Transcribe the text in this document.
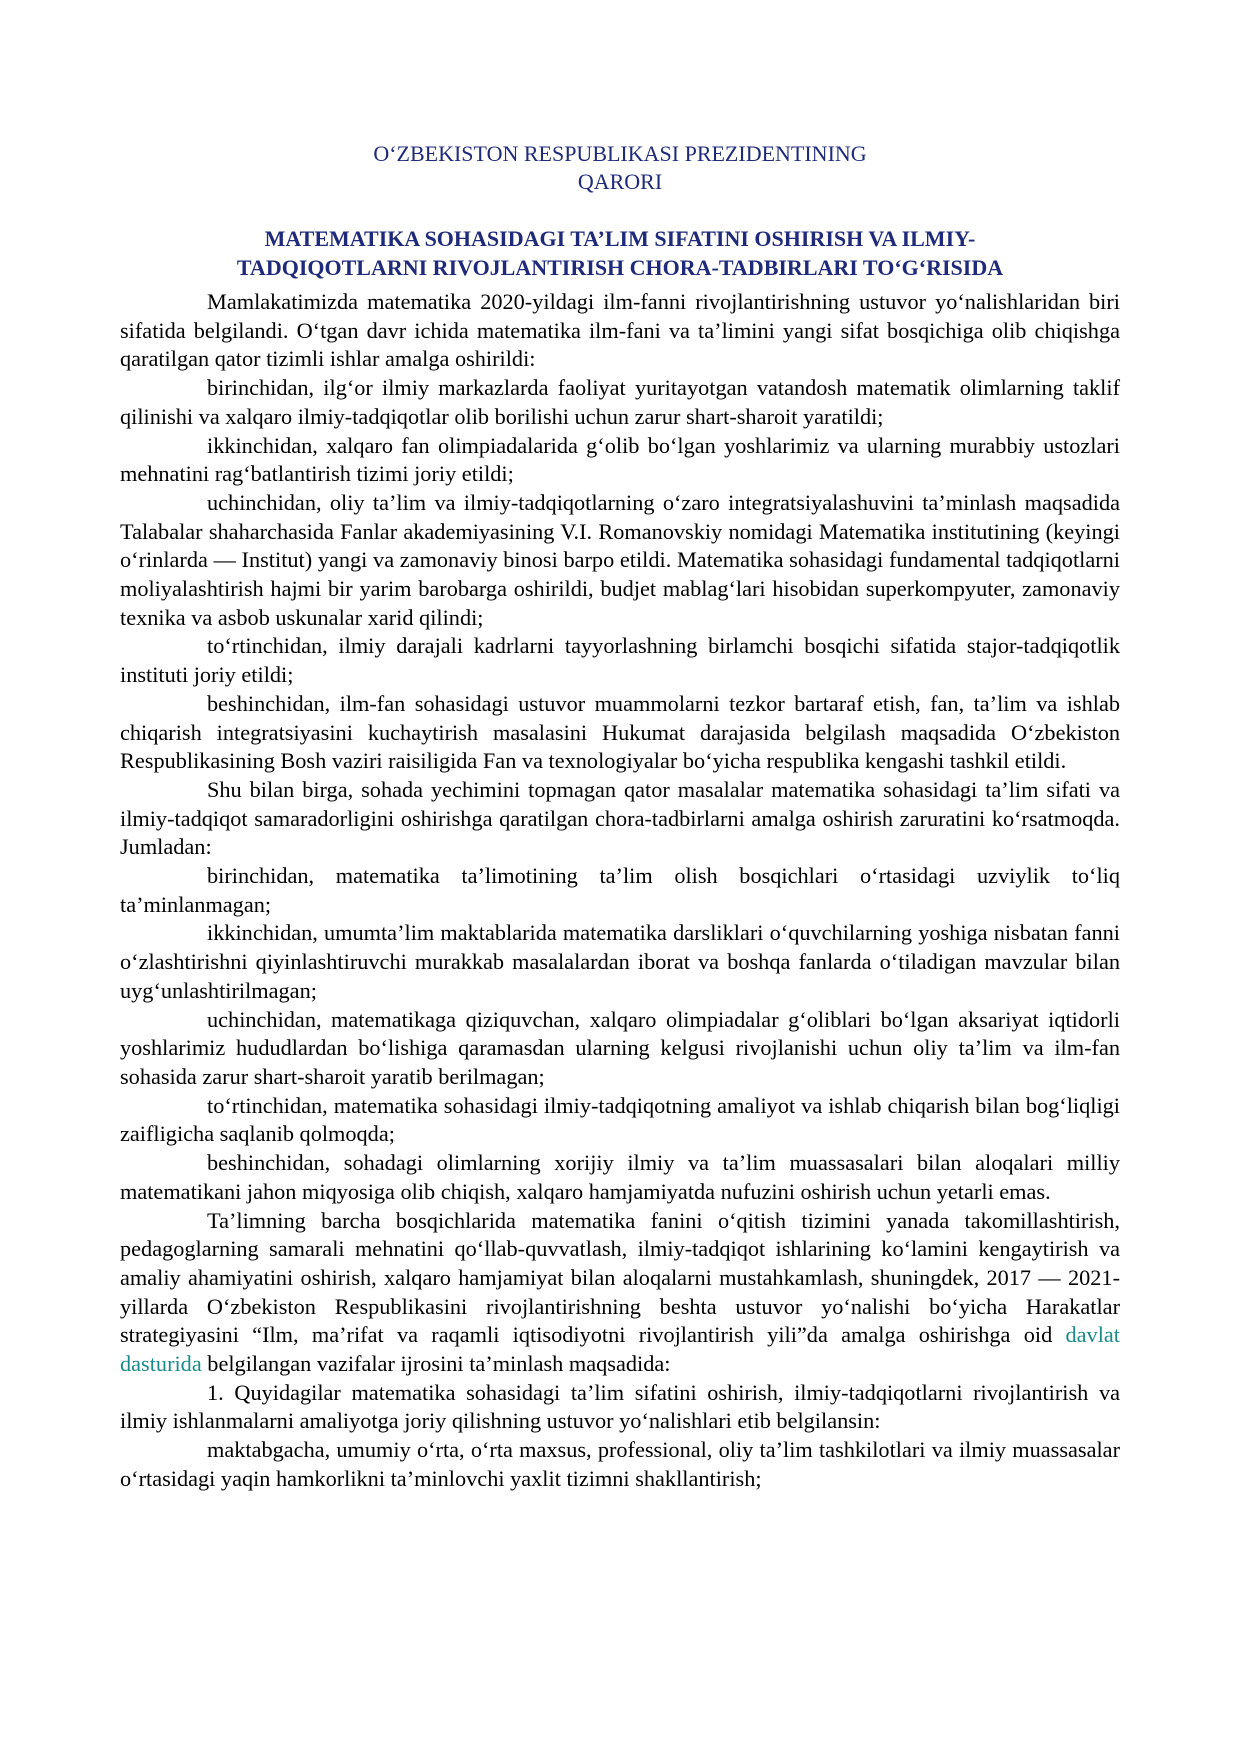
O‘ZBEKISTON RESPUBLIKASI PREZIDENTINING

QARORI

MATEMATIKA SOHASIDAGI TA’LIM SIFATINI OSHIRISH VA ILMIY-
TADQIQOTLARNI RIVOJLANTIRISH CHORA-TADBIRLARI TO‘G‘RISIDA

Mamlakatimizda matematika 2020-yildagi ilm-fanni rivojlantirishning ustuvor yo‘nalishlaridan biri sifatida belgilandi. O‘tgan davr ichida matematika ilm-fani va ta’limini yangi sifat bosqichiga olib chiqishga qaratilgan qator tizimli ishlar amalga oshirildi:

birinchidan, ilg‘or ilmiy markazlarda faoliyat yuritayotgan vatandosh matematik olimlarning taklif qilinishi va xalqaro ilmiy-tadqiqotlar olib borilishi uchun zarur shart-sharoit yaratildi;

ikkinchidan, xalqaro fan olimpiadalarida g‘olib bo‘lgan yoshlarimiz va ularning murabbiy ustozlari mehnatini rag‘batlantirish tizimi joriy etildi;

uchinchidan, oliy ta’lim va ilmiy-tadqiqotlarning o‘zaro integratsiyalashuvini ta’minlash maqsadida Talabalar shaharchasida Fanlar akademiyasining V.I. Romanovskiy nomidagi Matematika institutining (keyingi o‘rinlarda — Institut) yangi va zamonaviy binosi barpo etildi. Matematika sohasidagi fundamental tadqiqotlarni moliyalashtirish hajmi bir yarim barobarga oshirildi, budjet mablag‘lari hisobidan superkompyuter, zamonaviy texnika va asbob uskunalar xarid qilindi;

to‘rtinchidan, ilmiy darajali kadrlarni tayyorlashning birlamchi bosqichi sifatida stajor-tadqiqotlik instituti joriy etildi;

beshinchidan, ilm-fan sohasidagi ustuvor muammolarni tezkor bartaraf etish, fan, ta’lim va ishlab chiqarish integratsiyasini kuchaytirish masalasini Hukumat darajasida belgilash maqsadida O‘zbekiston Respublikasining Bosh vaziri raisiligida Fan va texnologiyalar bo‘yicha respublika kengashi tashkil etildi.

Shu bilan birga, sohada yechimini topmagan qator masalalar matematika sohasidagi ta’lim sifati va ilmiy-tadqiqot samaradorligini oshirishga qaratilgan chora-tadbirlarni amalga oshirish zaruratini ko‘rsatmoqda. Jumladan:

birinchidan, matematika ta’limotining ta’lim olish bosqichlari o‘rtasidagi uzviylik to‘liq ta’minlanmagan;

ikkinchidan, umumta’lim maktablarida matematika darsliklari o‘quvchilarning yoshiga nisbatan fanni o‘zlashtirishni qiyinlashtiruvchi murakkab masalalardan iborat va boshqa fanlarda o‘tiladigan mavzular bilan uyg‘unlashtirilmagan;

uchinchidan, matematikaga qiziquvchan, xalqaro olimpiadalar g‘oliblari bo‘lgan aksariyat iqtidorli yoshlarimiz hududlardan bo‘lishiga qaramasdan ularning kelgusi rivojlanishi uchun oliy ta’lim va ilm-fan sohasida zarur shart-sharoit yaratib berilmagan;

to‘rtinchidan, matematika sohasidagi ilmiy-tadqiqotning amaliyot va ishlab chiqarish bilan bog‘liqligi zaifligicha saqlanib qolmoqda;

beshinchidan, sohadagi olimlarning xorijiy ilmiy va ta’lim muassasalari bilan aloqalari milliy matematikani jahon miqyosiga olib chiqish, xalqaro hamjamiyatda nufuzini oshirish uchun yetarli emas.

Ta’limning barcha bosqichlarida matematika fanini o‘qitish tizimini yanada takomillashtirish, pedagoglarning samarali mehnatini qo‘llab-quvvatlash, ilmiy-tadqiqot ishlarining ko‘lamini kengaytirish va amaliy ahamiyatini oshirish, xalqaro hamjamiyat bilan aloqalarni mustahkamlash, shuningdek, 2017 — 2021-yillarda O‘zbekiston Respublikasini rivojlantirishning beshta ustuvor yo‘nalishi bo‘yicha Harakatlar strategiyasini “Ilm, ma’rifat va raqamli iqtisodiyotni rivojlantirish yili”da amalga oshirishga oid davlat dasturida belgilangan vazifalar ijrosini ta’minlash maqsadida:

1. Quyidagilar matematika sohasidagi ta’lim sifatini oshirish, ilmiy-tadqiqotlarni rivojlantirish va ilmiy ishlanmalarni amaliyotga joriy qilishning ustuvor yo‘nalishlari etib belgilansin:

maktabgacha, umumiy o‘rta, o‘rta maxsus, professional, oliy ta’lim tashkilotlari va ilmiy muassasalar o‘rtasidagi yaqin hamkorlikni ta’minlovchi yaxlit tizimni shakllantirish;
